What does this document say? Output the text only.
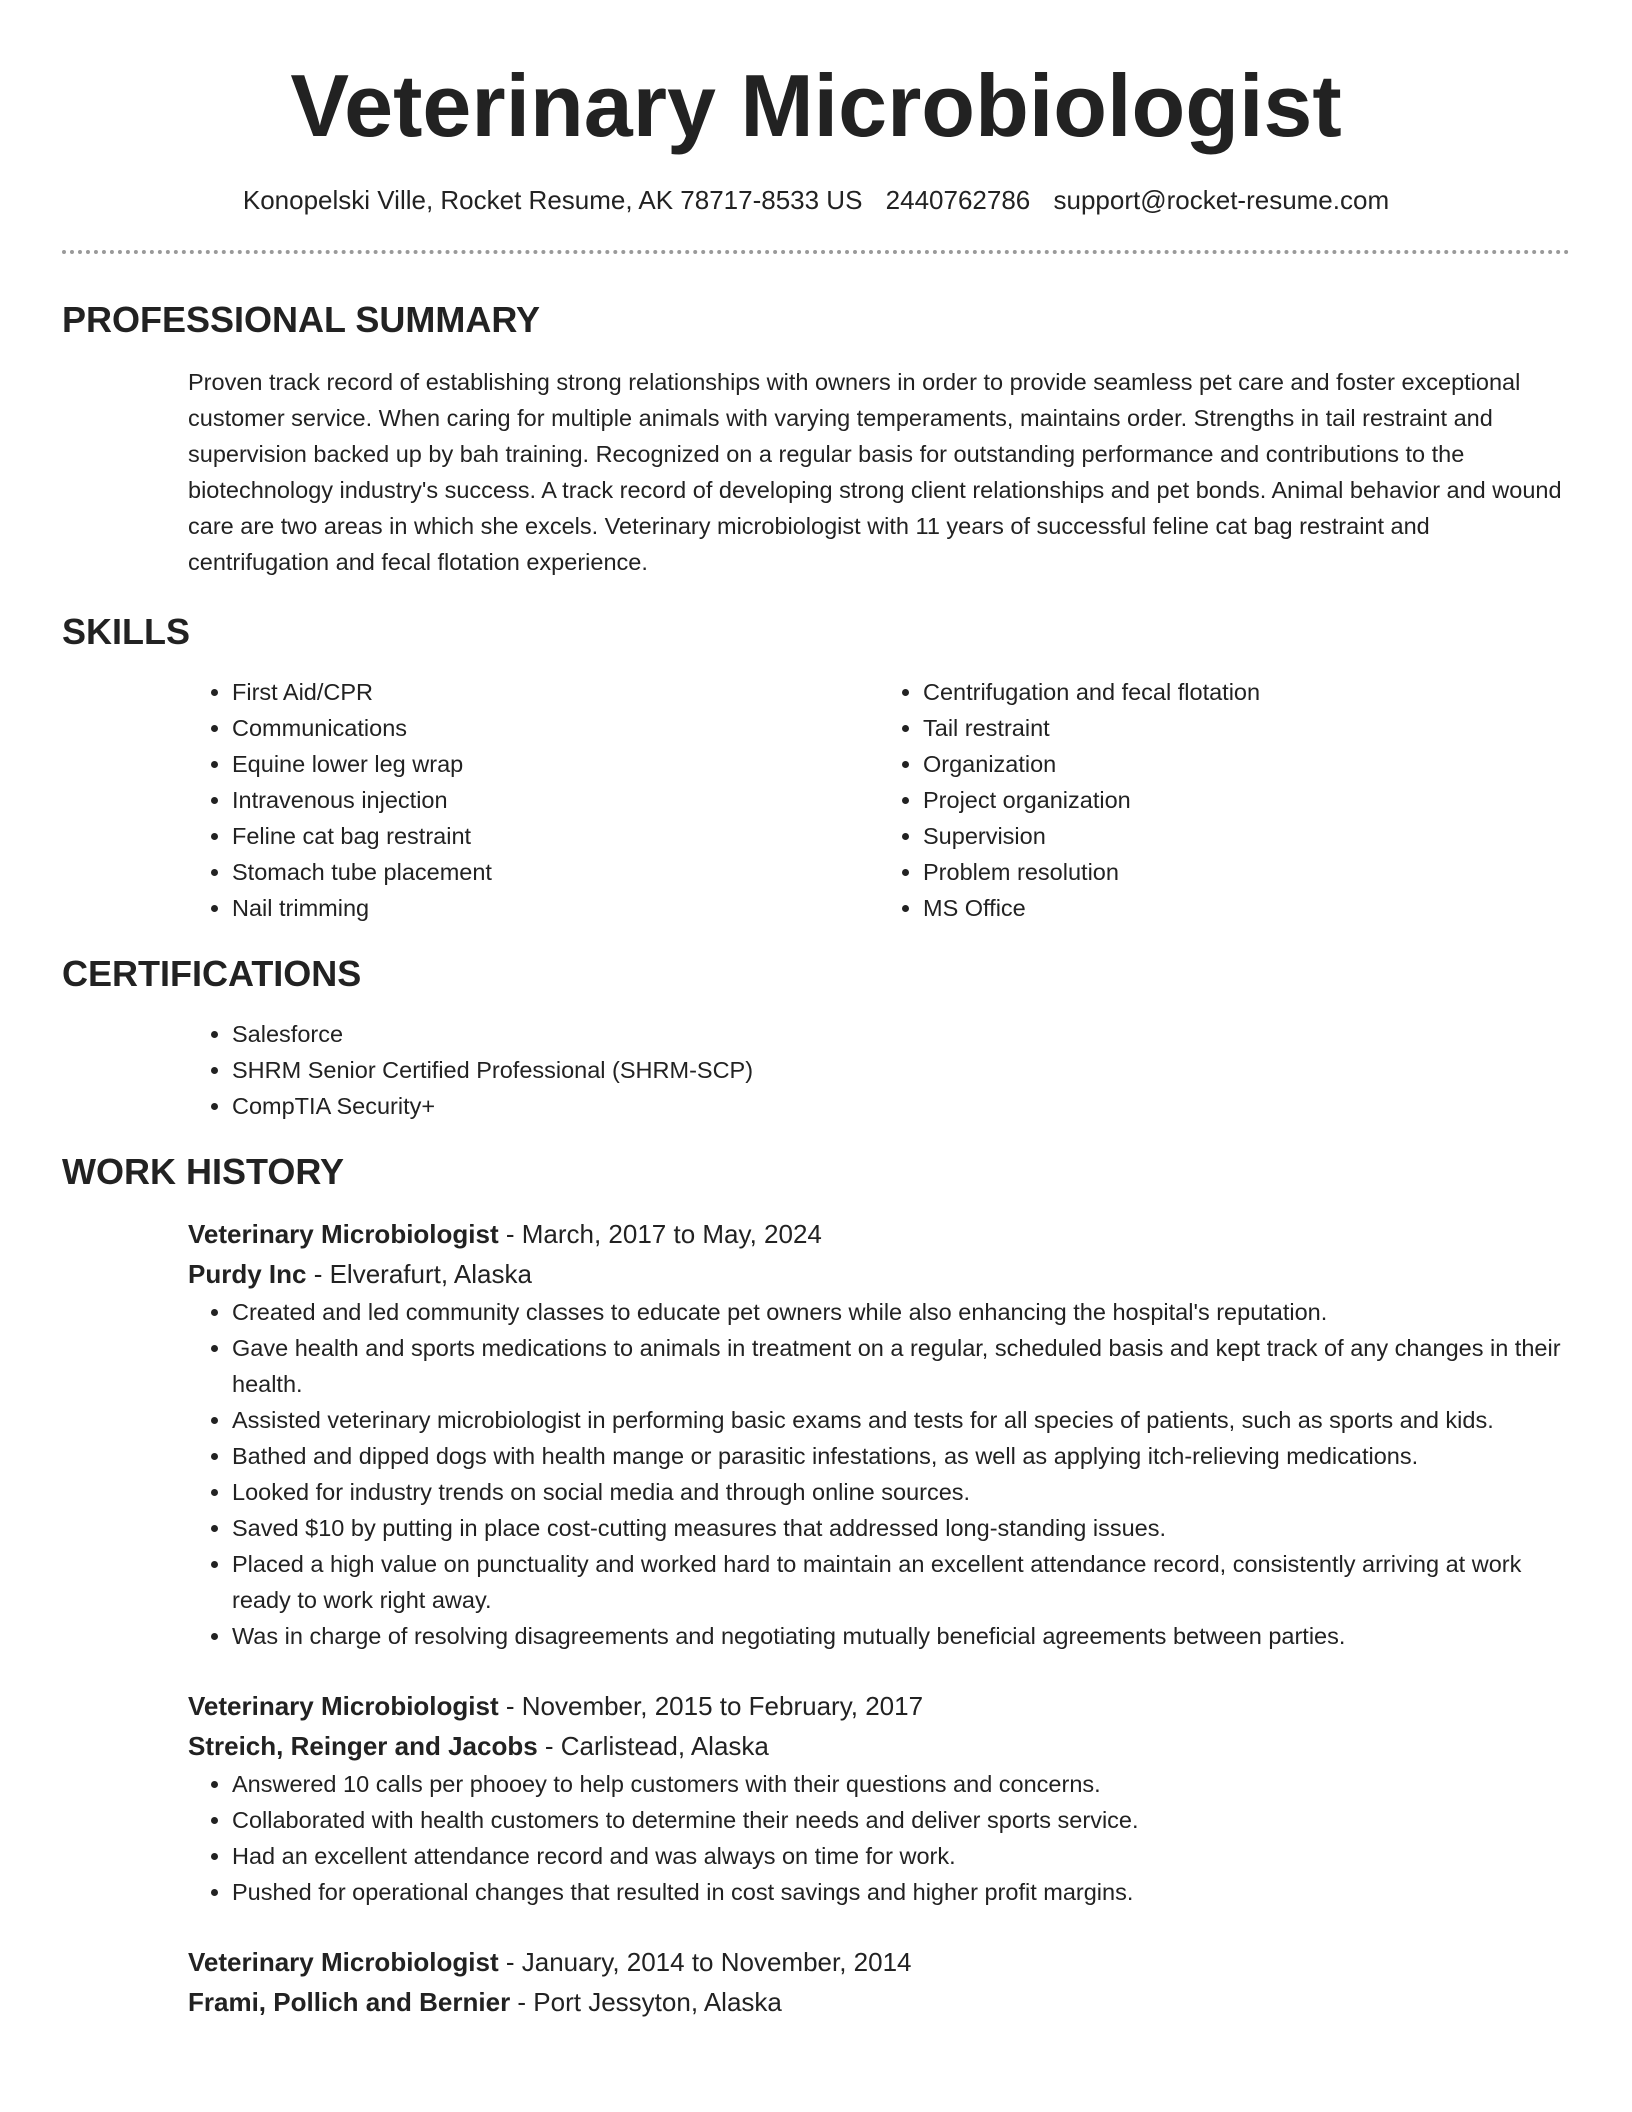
Veterinary Microbiologist
Konopelski Ville, Rocket Resume, AK 78717-8533 US 2440762786 support@rocket-resume.com
PROFESSIONAL SUMMARY

Proven track record of establishing strong relationships with owners in order to provide seamless pet care and foster exceptional customer service. When caring for multiple animals with varying temperaments, maintains order. Strengths in tail restraint and supervision backed up by bah training. Recognized on a regular basis for outstanding performance and contributions to the biotechnology industry's success. A track record of developing strong client relationships and pet bonds. Animal behavior and wound care are two areas in which she excels. Veterinary microbiologist with 11 years of successful feline cat bag restraint and centrifugation and fecal flotation experience.

SKILLS
• First Aid/CPR
• Communications
• Equine lower leg wrap
• Intravenous injection
• Feline cat bag restraint
• Stomach tube placement
• Nail trimming
• Centrifugation and fecal flotation
• Tail restraint
• Organization
• Project organization
• Supervision
• Problem resolution
• MS Office
CERTIFICATIONS
• Salesforce
• SHRM Senior Certified Professional (SHRM-SCP)
• CompTIA Security+
WORK HISTORY
Veterinary Microbiologist - March, 2017 to May, 2024
Purdy Inc - Elverafurt, Alaska
• Created and led community classes to educate pet owners while also enhancing the hospital's reputation.
• Gave health and sports medications to animals in treatment on a regular, scheduled basis and kept track of any changes in their health.
• Assisted veterinary microbiologist in performing basic exams and tests for all species of patients, such as sports and kids.
• Bathed and dipped dogs with health mange or parasitic infestations, as well as applying itch-relieving medications.
• Looked for industry trends on social media and through online sources.
• Saved $10 by putting in place cost-cutting measures that addressed long-standing issues.
• Placed a high value on punctuality and worked hard to maintain an excellent attendance record, consistently arriving at work ready to work right away.
• Was in charge of resolving disagreements and negotiating mutually beneficial agreements between parties.
Veterinary Microbiologist - November, 2015 to February, 2017
Streich, Reinger and Jacobs - Carlistead, Alaska
• Answered 10 calls per phooey to help customers with their questions and concerns.
• Collaborated with health customers to determine their needs and deliver sports service.
• Had an excellent attendance record and was always on time for work.
• Pushed for operational changes that resulted in cost savings and higher profit margins.
Veterinary Microbiologist - January, 2014 to November, 2014
Frami, Pollich and Bernier - Port Jessyton, Alaska
